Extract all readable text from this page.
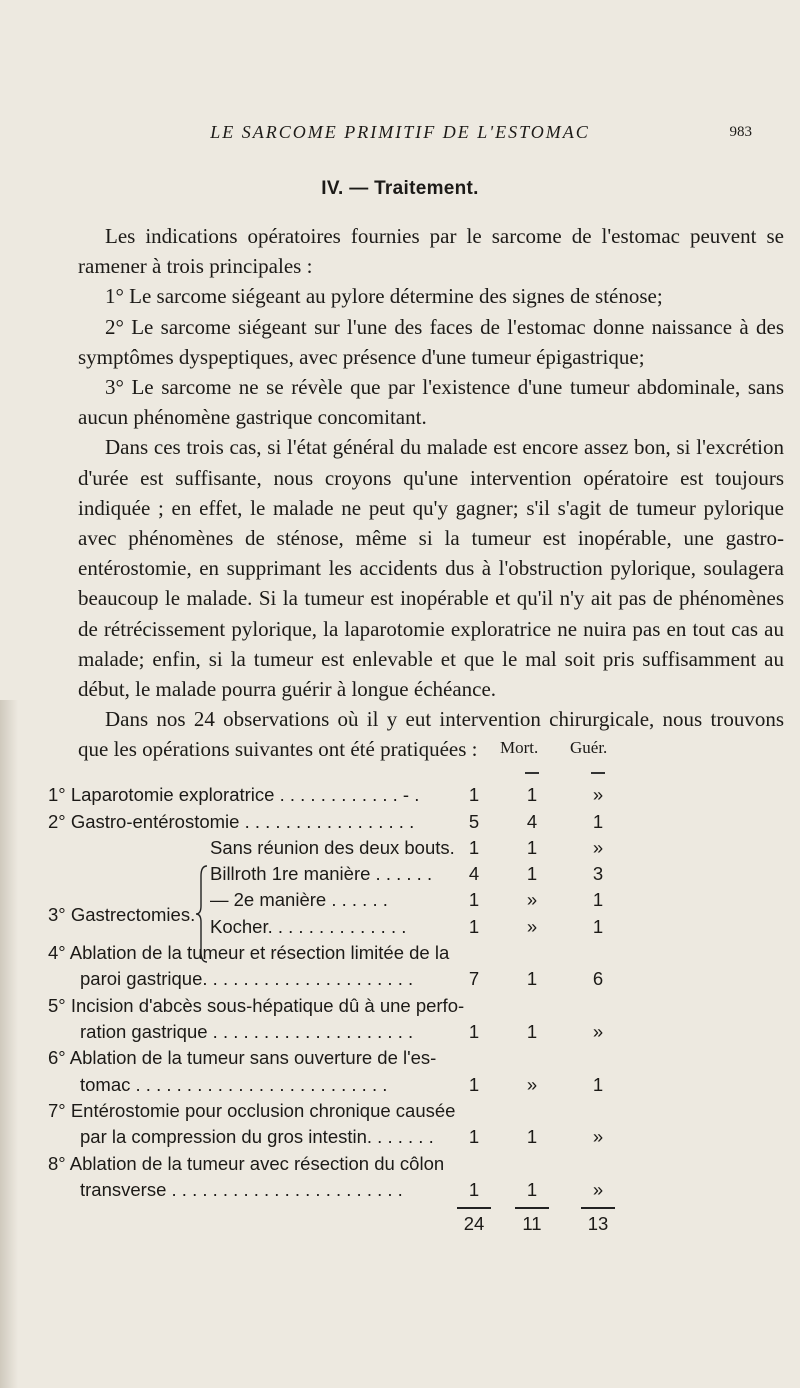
LE SARCOME PRIMITIF DE L'ESTOMAC	983
IV. — Traitement.

Les indications opératoires fournies par le sarcome de l'estomac peuvent se ramener à trois principales :

1° Le sarcome siégeant au pylore détermine des signes de sténose;

2° Le sarcome siégeant sur l'une des faces de l'estomac donne naissance à des symptômes dyspeptiques, avec présence d'une tumeur épigastrique;

3° Le sarcome ne se révèle que par l'existence d'une tumeur abdominale, sans aucun phénomène gastrique concomitant.

Dans ces trois cas, si l'état général du malade est encore assez bon, si l'excrétion d'urée est suffisante, nous croyons qu'une intervention opératoire est toujours indiquée ; en effet, le malade ne peut qu'y gagner; s'il s'agit de tumeur pylorique avec phénomènes de sténose, même si la tumeur est inopérable, une gastro-entérostomie, en supprimant les accidents dus à l'obstruction pylorique, soulagera beaucoup le malade. Si la tumeur est inopérable et qu'il n'y ait pas de phénomènes de rétrécissement pylorique, la laparotomie exploratrice ne nuira pas en tout cas au malade; enfin, si la tumeur est enlevable et que le mal soit pris suffisamment au début, le malade pourra guérir à longue échéance.

Dans nos 24 observations où il y eut intervention chirurgicale, nous trouvons que les opérations suivantes ont été pratiquées :	Mort. Guér.
1° Laparotomie exploratrice . . . . . . . . . . . . - .	1	1	»
2° Gastro-entérostomie . . . . . . . . . . . . . . . . .	5	4	1
3° Gastrectomies.
Sans réunion des deux bouts. 1	1	»
Billroth 1re manière . . . . . .	4	1	3
— 2e manière . . . . . .	1	»	1
Kocher. . . . . . . . . . . . . .	1	»	1
4° Ablation de la tumeur et résection limitée de la
paroi gastrique. . . . . . . . . . . . . . . . . . . . .	7	1	6
5° Incision d'abcès sous-hépatique dû à une perfo-
ration gastrique . . . . . . . . . . . . . . . . . . . .	1	1	»
6° Ablation de la tumeur sans ouverture de l'es-
tomac . . . . . . . . . . . . . . . . . . . . . . . . .	1	»	1
7° Entérostomie pour occlusion chronique causée
par la compression du gros intestin. . . . . . .	1	1	»
8° Ablation de la tumeur avec résection du côlon
transverse . . . . . . . . . . . . . . . . . . . . . . .	1	1	»
24	11	13
